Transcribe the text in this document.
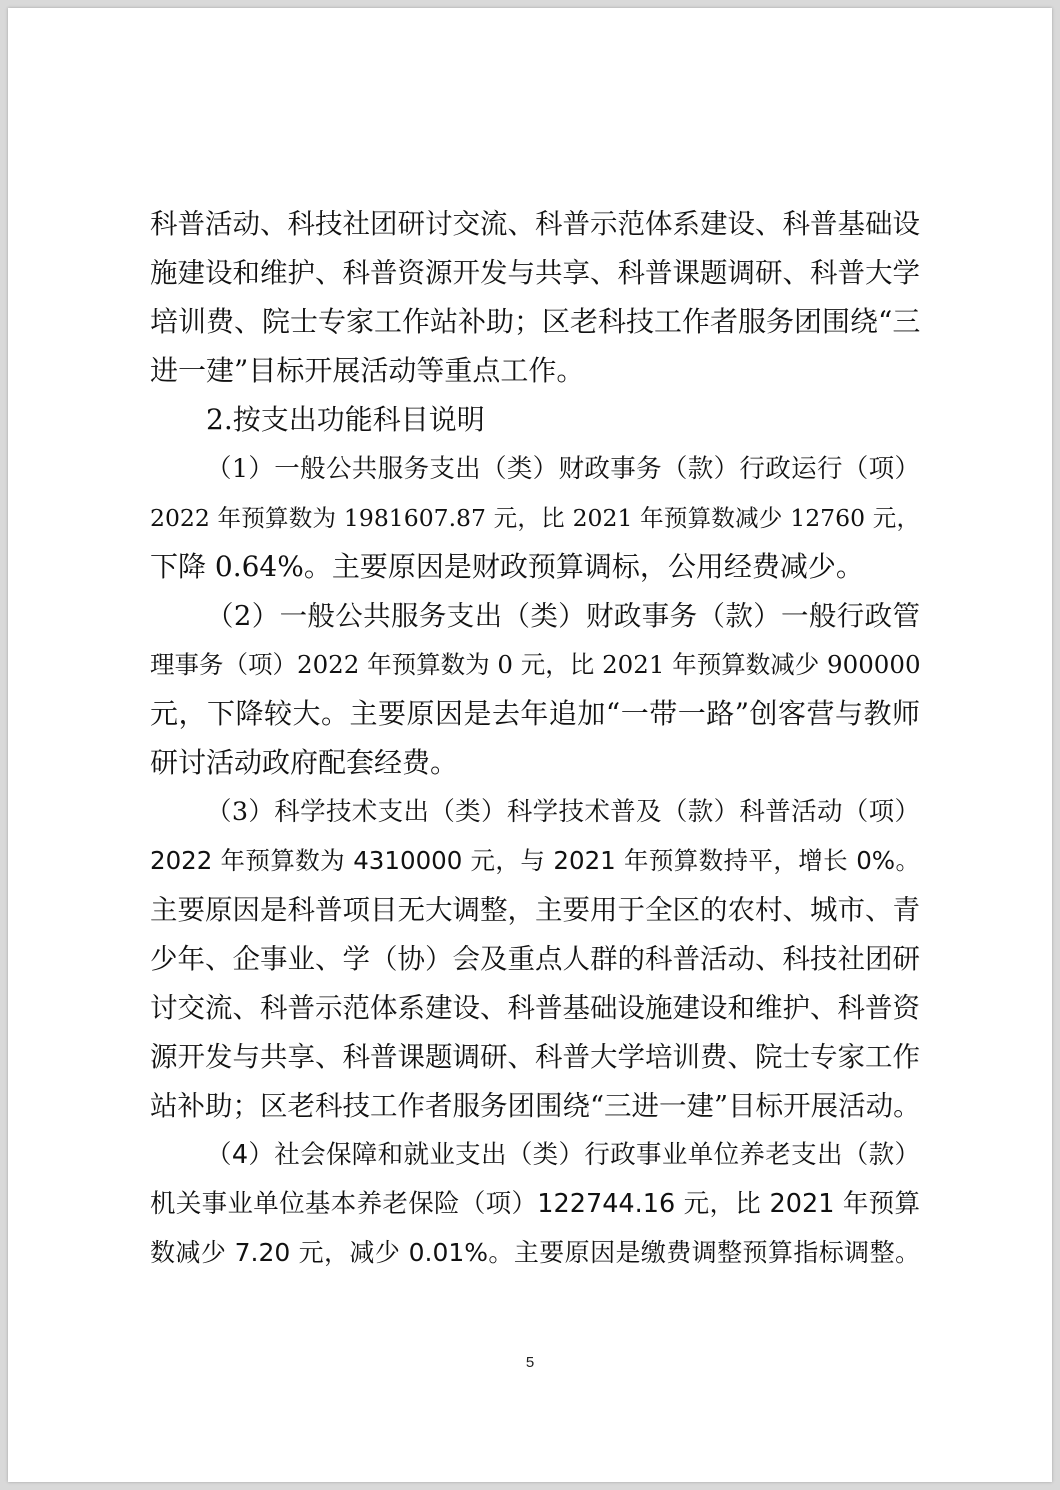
科普活动、科技社团研讨交流、科普示范体系建设、科普基础设
施建设和维护、科普资源开发与共享、科普课题调研、科普大学
培训费、院士专家工作站补助；区老科技工作者服务团围绕“三
进一建”目标开展活动等重点工作。
2.按支出功能科目说明
（1）一般公共服务支出（类）财政事务（款）行政运行（项）
2022 年预算数为 1981607.87 元，比 2021 年预算数减少 12760 元，
下降 0.64%。主要原因是财政预算调标，公用经费减少。
（2）一般公共服务支出（类）财政事务（款）一般行政管
理事务（项）2022 年预算数为 0 元，比 2021 年预算数减少 900000
元，下降较大。主要原因是去年追加“一带一路”创客营与教师
研讨活动政府配套经费。
（3）科学技术支出（类）科学技术普及（款）科普活动（项）
2022 年预算数为 4310000 元，与 2021 年预算数持平，增长 0%。
主要原因是科普项目无大调整，主要用于全区的农村、城市、青
少年、企事业、学（协）会及重点人群的科普活动、科技社团研
讨交流、科普示范体系建设、科普基础设施建设和维护、科普资
源开发与共享、科普课题调研、科普大学培训费、院士专家工作
站补助；区老科技工作者服务团围绕“三进一建”目标开展活动。
（4）社会保障和就业支出（类）行政事业单位养老支出（款）
机关事业单位基本养老保险（项）122744.16 元，比 2021 年预算
数减少 7.20 元，减少 0.01%。主要原因是缴费调整预算指标调整。
5
